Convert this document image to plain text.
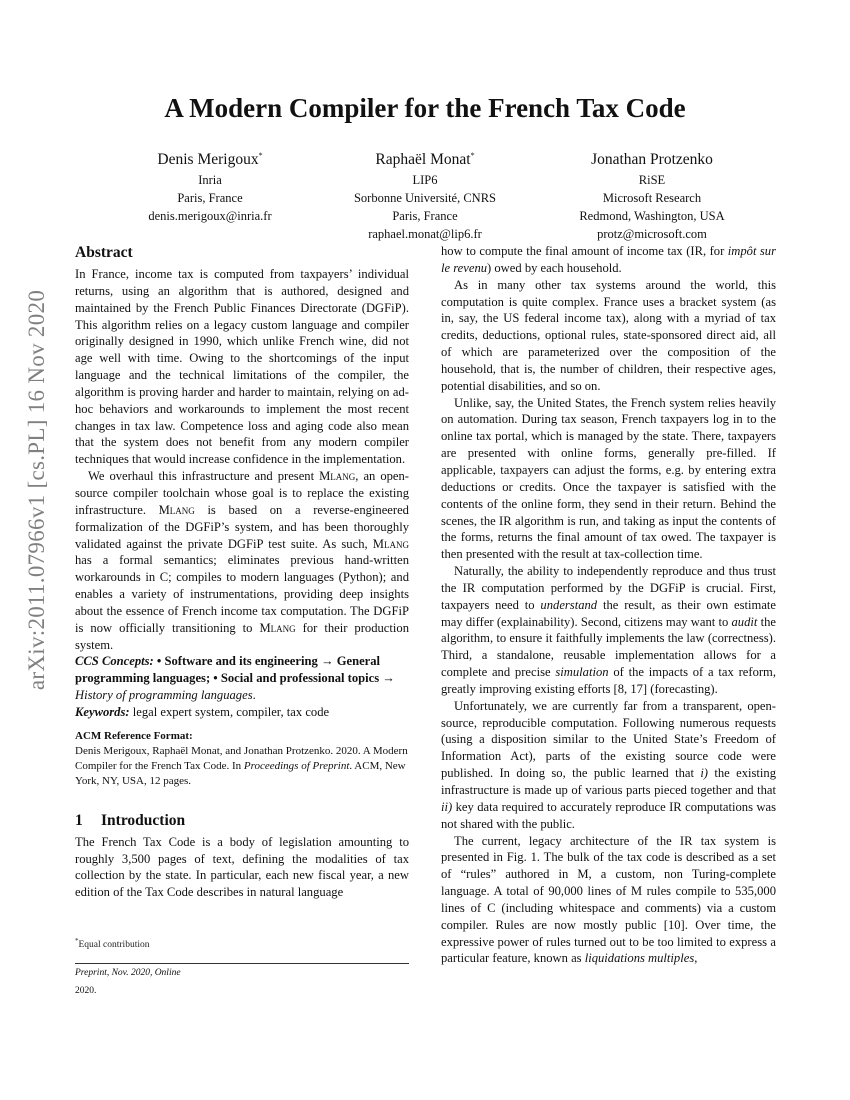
arXiv:2011.07966v1 [cs.PL] 16 Nov 2020
A Modern Compiler for the French Tax Code
Denis Merigoux*
Inria
Paris, France
denis.merigoux@inria.fr
Raphaël Monat*
LIP6
Sorbonne Université, CNRS
Paris, France
raphael.monat@lip6.fr
Jonathan Protzenko
RiSE
Microsoft Research
Redmond, Washington, USA
protz@microsoft.com
Abstract

In France, income tax is computed from taxpayers’ individual returns, using an algorithm that is authored, designed and maintained by the French Public Finances Directorate (DGFiP). This algorithm relies on a legacy custom language and compiler originally designed in 1990, which unlike French wine, did not age well with time. Owing to the shortcomings of the input language and the technical limitations of the compiler, the algorithm is proving harder and harder to maintain, relying on ad-hoc behaviors and workarounds to implement the most recent changes in tax law. Competence loss and aging code also mean that the system does not benefit from any modern compiler techniques that would increase confidence in the implementation.

We overhaul this infrastructure and present Mlang, an open-source compiler toolchain whose goal is to replace the existing infrastructure. Mlang is based on a reverse-engineered formalization of the DGFiP’s system, and has been thoroughly validated against the private DGFiP test suite. As such, Mlang has a formal semantics; eliminates previous hand-written workarounds in C; compiles to modern languages (Python); and enables a variety of instrumentations, providing deep insights about the essence of French income tax computation. The DGFiP is now officially transitioning to Mlang for their production system.

CCS Concepts: • Software and its engineering → General programming languages; • Social and professional topics → History of programming languages.

Keywords: legal expert system, compiler, tax code

ACM Reference Format:
Denis Merigoux, Raphaël Monat, and Jonathan Protzenko. 2020. A Modern Compiler for the French Tax Code. In Proceedings of Preprint. ACM, New York, NY, USA, 12 pages.
1 Introduction

The French Tax Code is a body of legislation amounting to roughly 3,500 pages of text, defining the modalities of tax collection by the state. In particular, each new fiscal year, a new edition of the Tax Code describes in natural language

*Equal contribution
Preprint, Nov. 2020, Online
2020.

how to compute the final amount of income tax (IR, for impôt sur le revenu) owed by each household.

As in many other tax systems around the world, this computation is quite complex. France uses a bracket system (as in, say, the US federal income tax), along with a myriad of tax credits, deductions, optional rules, state-sponsored direct aid, all of which are parameterized over the composition of the household, that is, the number of children, their respective ages, potential disabilities, and so on.

Unlike, say, the United States, the French system relies heavily on automation. During tax season, French taxpayers log in to the online tax portal, which is managed by the state. There, taxpayers are presented with online forms, generally pre-filled. If applicable, taxpayers can adjust the forms, e.g. by entering extra deductions or credits. Once the taxpayer is satisfied with the contents of the online form, they send in their return. Behind the scenes, the IR algorithm is run, and taking as input the contents of the forms, returns the final amount of tax owed. The taxpayer is then presented with the result at tax-collection time.

Naturally, the ability to independently reproduce and thus trust the IR computation performed by the DGFiP is crucial. First, taxpayers need to understand the result, as their own estimate may differ (explainability). Second, citizens may want to audit the algorithm, to ensure it faithfully implements the law (correctness). Third, a standalone, reusable implementation allows for a complete and precise simulation of the impacts of a tax reform, greatly improving existing efforts [8, 17] (forecasting).

Unfortunately, we are currently far from a transparent, open-source, reproducible computation. Following numerous requests (using a disposition similar to the United State’s Freedom of Information Act), parts of the existing source code were published. In doing so, the public learned that i) the existing infrastructure is made up of various parts pieced together and that ii) key data required to accurately reproduce IR computations was not shared with the public.

The current, legacy architecture of the IR tax system is presented in Fig. 1. The bulk of the tax code is described as a set of “rules” authored in M, a custom, non Turing-complete language. A total of 90,000 lines of M rules compile to 535,000 lines of C (including whitespace and comments) via a custom compiler. Rules are now mostly public [10]. Over time, the expressive power of rules turned out to be too limited to express a particular feature, known as liquidations multiples,
